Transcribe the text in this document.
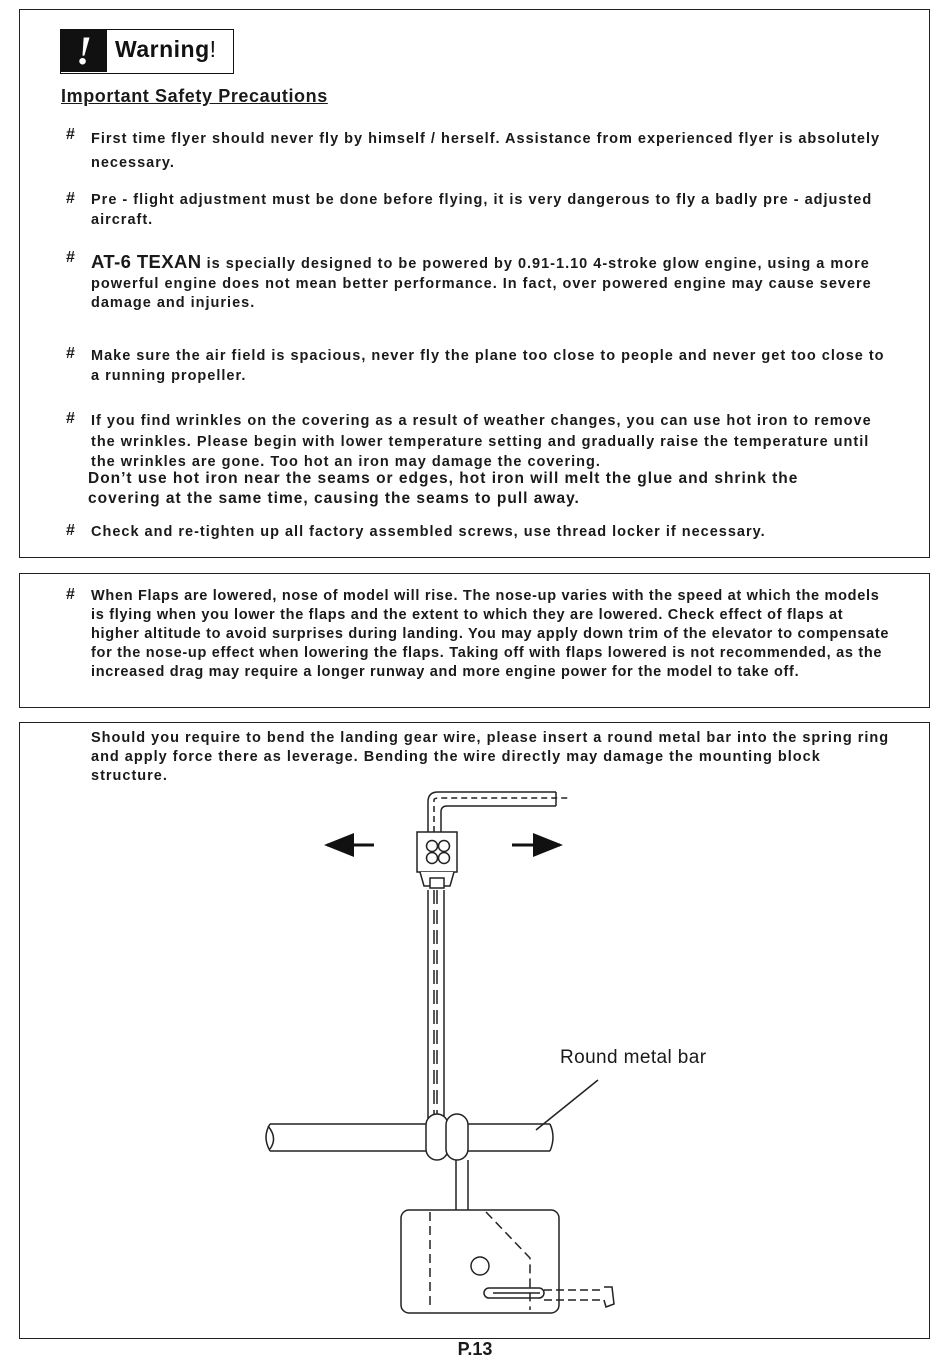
!	Warning!
Important Safety Precautions
# First time flyer should never fly by himself / herself. Assistance from experienced flyer is absolutely necessary.
# Pre - flight adjustment must be done before flying, it is very dangerous to fly a badly pre - adjusted aircraft.
# AT-6 TEXAN is specially designed to be powered by 0.91-1.10 4-stroke glow engine, using a more powerful engine does not mean better performance. In fact, over powered engine may cause severe damage and injuries.
# Make sure the air field is spacious, never fly the plane too close to people and never get too close to a running propeller.
# If you find wrinkles on the covering as a result of weather changes, you can use hot iron to remove the wrinkles. Please begin with lower temperature setting and gradually raise the temperature until the wrinkles are gone. Too hot an iron may damage the covering.
Don’t use hot iron near the seams or edges, hot iron will melt the glue and shrink the covering at the same time, causing the seams to pull away.
# Check and re-tighten up all factory assembled screws, use thread locker if necessary.
# When Flaps are lowered, nose of model will rise. The nose-up varies with the speed at which the models is flying when you lower the flaps and the extent to which they are lowered. Check effect of flaps at higher altitude to avoid surprises during landing. You may apply down trim of the elevator to compensate for the nose-up effect when lowering the flaps. Taking off with flaps lowered is not recommended, as the increased drag may require a longer runway and more engine power for the model to take off.
Should you require to bend the landing gear wire, please insert a round metal bar into the spring ring and apply force there as leverage. Bending the wire directly may damage the mounting block structure.
Round metal bar
P.13
